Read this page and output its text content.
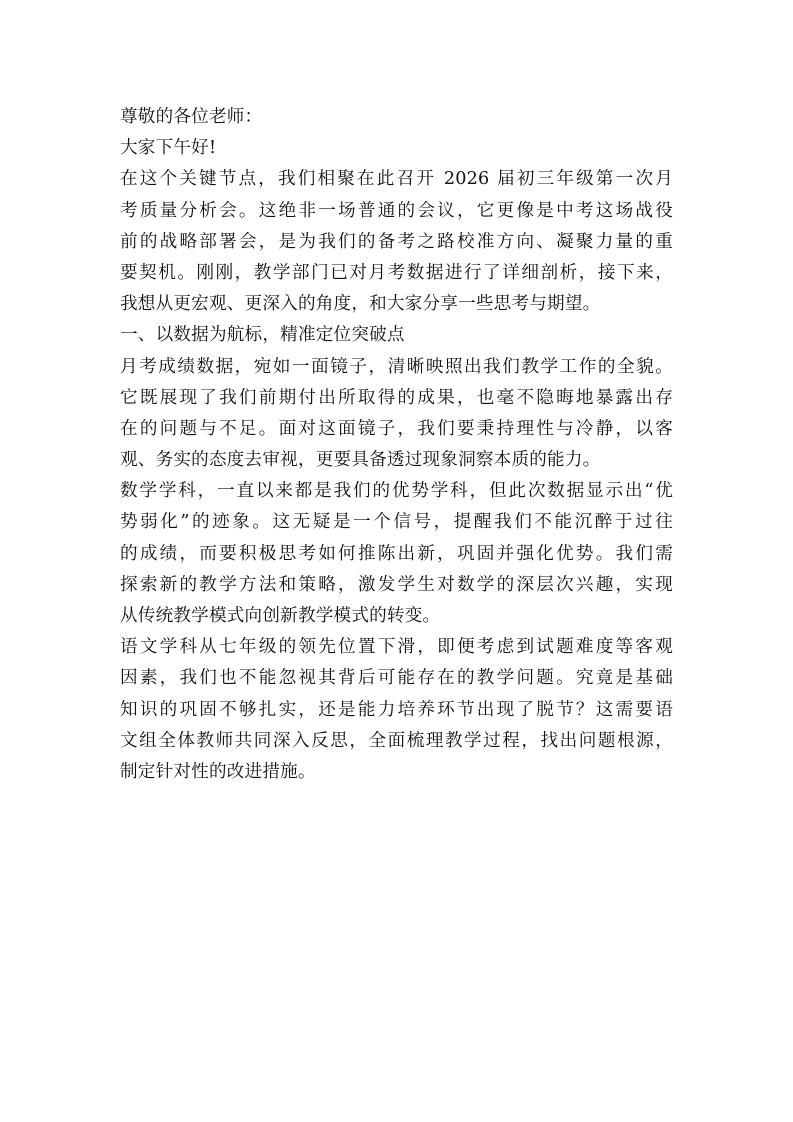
尊敬的各位老师：
大家下午好!
在这个关键节点，我们相聚在此召开 2026 届初三年级第一次月
考质量分析会。这绝非一场普通的会议，它更像是中考这场战役
前的战略部署会，是为我们的备考之路校准方向、凝聚力量的重
要契机。刚刚，教学部门已对月考数据进行了详细剖析，接下来，
我想从更宏观、更深入的角度，和大家分享一些思考与期望。
一、以数据为航标，精准定位突破点
月考成绩数据，宛如一面镜子，清晰映照出我们教学工作的全貌。
它既展现了我们前期付出所取得的成果，也毫不隐晦地暴露出存
在的问题与不足。面对这面镜子，我们要秉持理性与冷静，以客
观、务实的态度去审视，更要具备透过现象洞察本质的能力。
数学学科，一直以来都是我们的优势学科，但此次数据显示出“优
势弱化”的迹象。这无疑是一个信号，提醒我们不能沉醉于过往
的成绩，而要积极思考如何推陈出新，巩固并强化优势。我们需
探索新的教学方法和策略，激发学生对数学的深层次兴趣，实现
从传统教学模式向创新教学模式的转变。
语文学科从七年级的领先位置下滑，即便考虑到试题难度等客观
因素，我们也不能忽视其背后可能存在的教学问题。究竟是基础
知识的巩固不够扎实，还是能力培养环节出现了脱节？这需要语
文组全体教师共同深入反思，全面梳理教学过程，找出问题根源，
制定针对性的改进措施。
